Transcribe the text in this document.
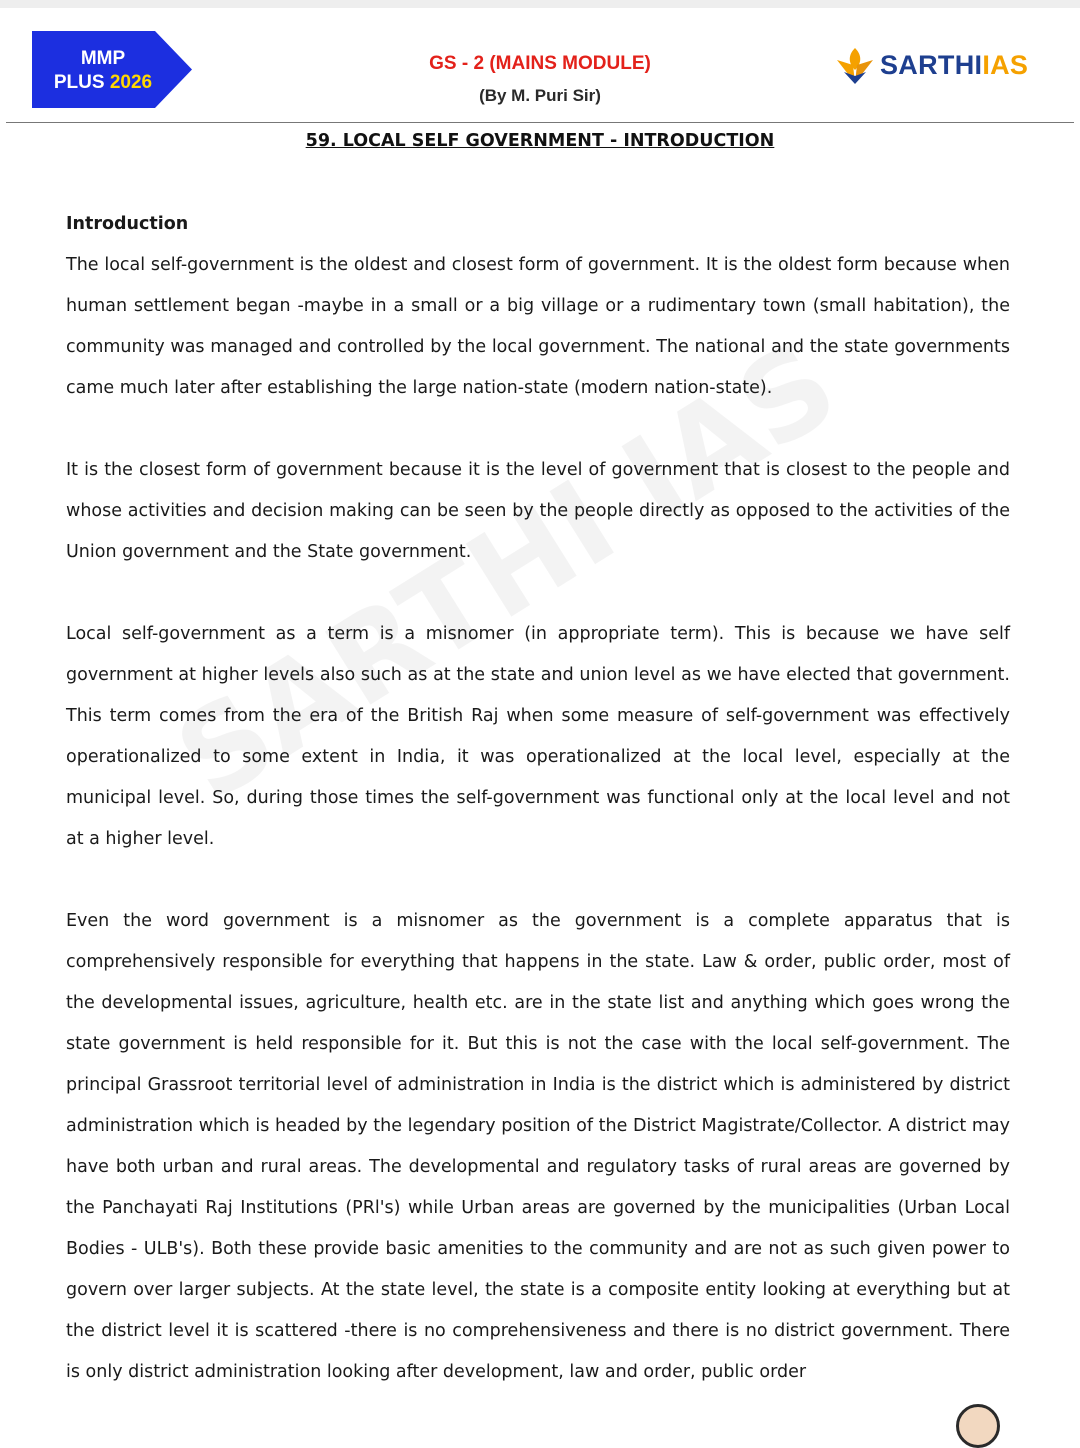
MMP
PLUS 2026
GS - 2 (MAINS MODULE)
(By M. Puri Sir)
SARTHIIAS
59. LOCAL SELF GOVERNMENT - INTRODUCTION

Introduction

The local self-government is the oldest and closest form of government. It is the oldest form because when human settlement began -maybe in a small or a big village or a rudimentary town (small habitation), the community was managed and controlled by the local government. The national and the state governments came much later after establishing the large nation-state (modern nation-state).

It is the closest form of government because it is the level of government that is closest to the people and whose activities and decision making can be seen by the people directly as opposed to the activities of the Union government and the State government.

Local self-government as a term is a misnomer (in appropriate term). This is because we have self government at higher levels also such as at the state and union level as we have elected that government. This term comes from the era of the British Raj when some measure of self-government was effectively operationalized to some extent in India, it was operationalized at the local level, especially at the municipal level. So, during those times the self-government was functional only at the local level and not at a higher level.

Even the word government is a misnomer as the government is a complete apparatus that is comprehensively responsible for everything that happens in the state. Law & order, public order, most of the developmental issues, agriculture, health etc. are in the state list and anything which goes wrong the state government is held responsible for it. But this is not the case with the local self-government. The principal Grassroot territorial level of administration in India is the district which is administered by district administration which is headed by the legendary position of the District Magistrate/Collector. A district may have both urban and rural areas. The developmental and regulatory tasks of rural areas are governed by the Panchayati Raj Institutions (PRl's) while Urban areas are governed by the municipalities (Urban Local Bodies - ULB's). Both these provide basic amenities to the community and are not as such given power to govern over larger subjects. At the state level, the state is a composite entity looking at everything but at the district level it is scattered -there is no comprehensiveness and there is no district government. There is only district administration looking after development, law and order, public order
